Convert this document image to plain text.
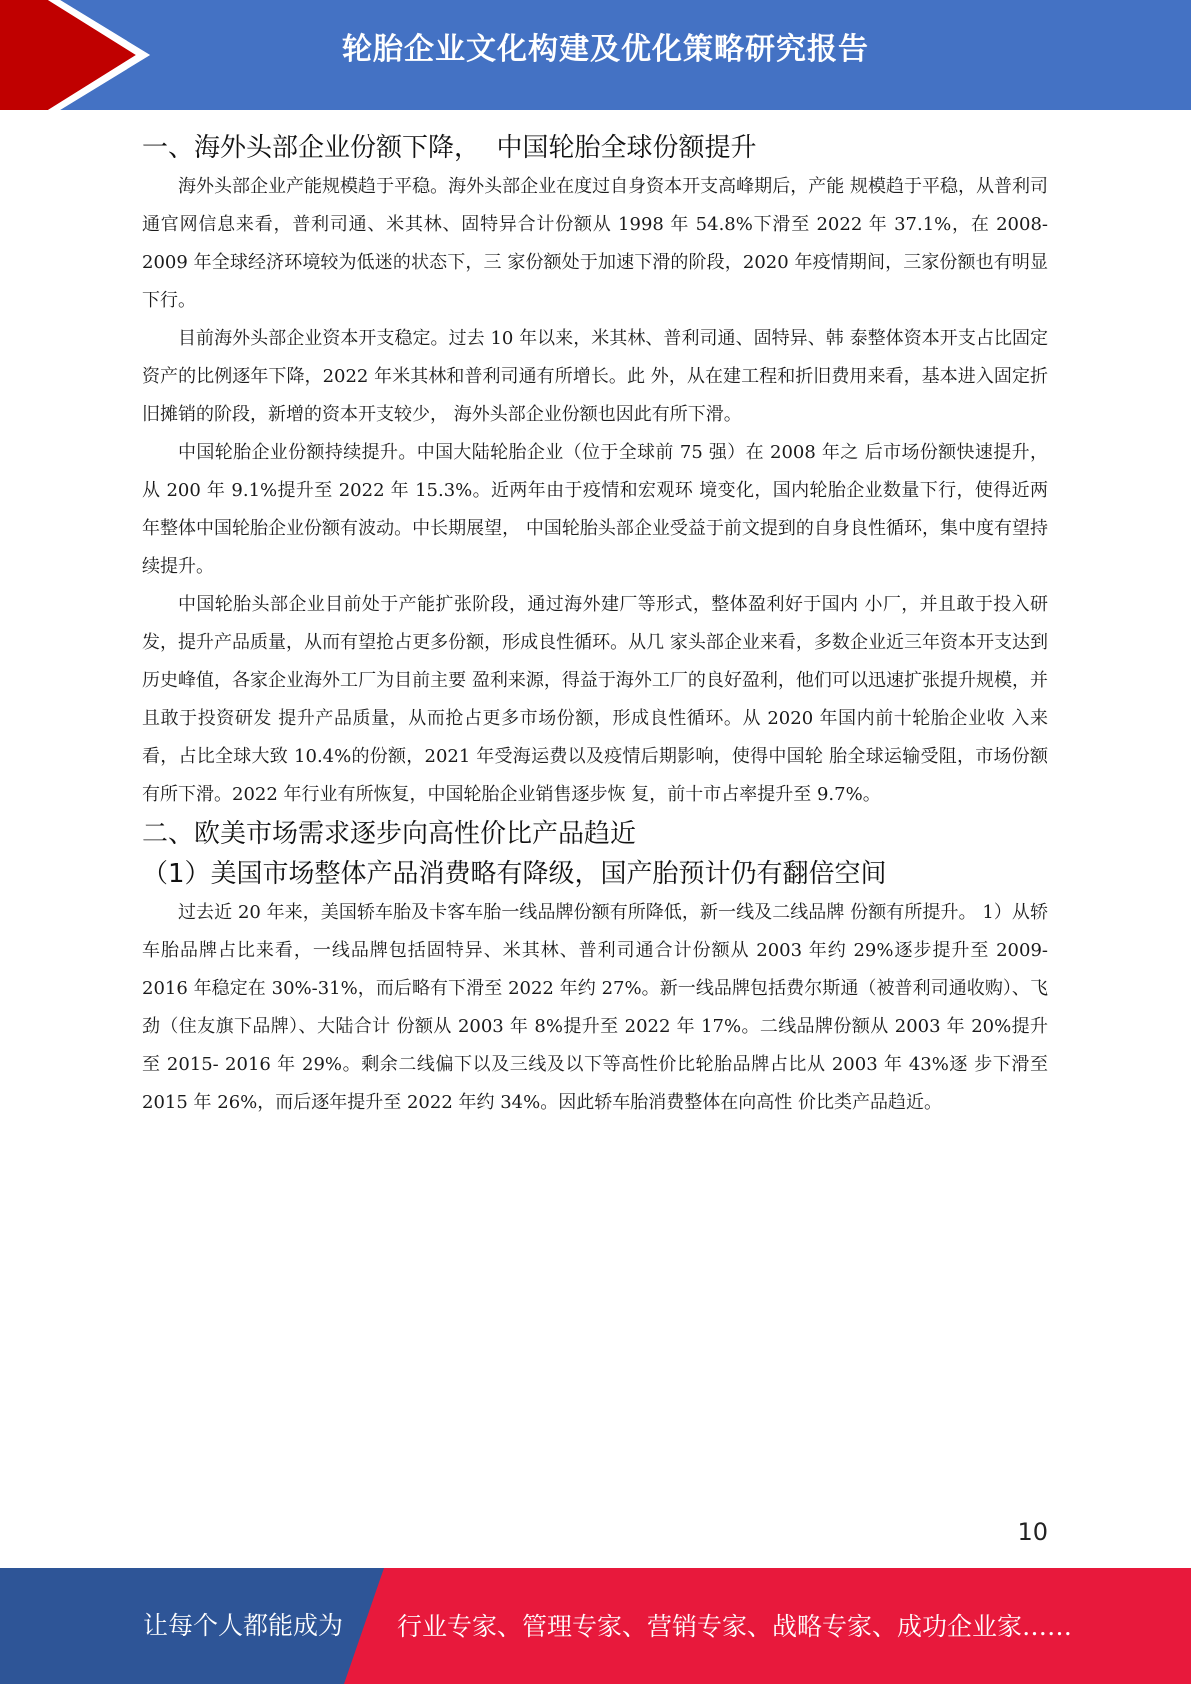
轮胎企业文化构建及优化策略研究报告
一、海外头部企业份额下降，  中国轮胎全球份额提升

海外头部企业产能规模趋于平稳。海外头部企业在度过自身资本开支高峰期后，产能 规模趋于平稳，从普利司通官网信息来看，普利司通、米其林、固特异合计份额从 1998 年 54.8%下滑至 2022 年 37.1%，在 2008-2009 年全球经济环境较为低迷的状态下，三 家份额处于加速下滑的阶段，2020 年疫情期间，三家份额也有明显下行。

目前海外头部企业资本开支稳定。过去 10 年以来，米其林、普利司通、固特异、韩 泰整体资本开支占比固定资产的比例逐年下降，2022 年米其林和普利司通有所增长。此 外，从在建工程和折旧费用来看，基本进入固定折旧摊销的阶段，新增的资本开支较少， 海外头部企业份额也因此有所下滑。

中国轮胎企业份额持续提升。中国大陆轮胎企业（位于全球前 75 强）在 2008 年之 后市场份额快速提升，从 200 年 9.1%提升至 2022 年 15.3%。近两年由于疫情和宏观环 境变化，国内轮胎企业数量下行，使得近两年整体中国轮胎企业份额有波动。中长期展望， 中国轮胎头部企业受益于前文提到的自身良性循环，集中度有望持续提升。

中国轮胎头部企业目前处于产能扩张阶段，通过海外建厂等形式，整体盈利好于国内 小厂，并且敢于投入研发，提升产品质量，从而有望抢占更多份额，形成良性循环。从几 家头部企业来看，多数企业近三年资本开支达到历史峰值，各家企业海外工厂为目前主要 盈利来源，得益于海外工厂的良好盈利，他们可以迅速扩张提升规模，并且敢于投资研发 提升产品质量，从而抢占更多市场份额，形成良性循环。从 2020 年国内前十轮胎企业收 入来看，占比全球大致 10.4%的份额，2021 年受海运费以及疫情后期影响，使得中国轮 胎全球运输受阻，市场份额有所下滑。2022 年行业有所恢复，中国轮胎企业销售逐步恢 复，前十市占率提升至 9.7%。

二、欧美市场需求逐步向高性价比产品趋近
（1）美国市场整体产品消费略有降级，国产胎预计仍有翻倍空间

过去近 20 年来，美国轿车胎及卡客车胎一线品牌份额有所降低，新一线及二线品牌 份额有所提升。 1）从轿车胎品牌占比来看，一线品牌包括固特异、米其林、普利司通合计份额从 2003 年约 29%逐步提升至 2009-2016 年稳定在 30%-31%，而后略有下滑至 2022 年约 27%。新一线品牌包括费尔斯通（被普利司通收购）、飞劲（住友旗下品牌）、大陆合计 份额从 2003 年 8%提升至 2022 年 17%。二线品牌份额从 2003 年 20%提升至 2015- 2016 年 29%。剩余二线偏下以及三线及以下等高性价比轮胎品牌占比从 2003 年 43%逐 步下滑至 2015 年 26%，而后逐年提升至 2022 年约 34%。因此轿车胎消费整体在向高性 价比类产品趋近。

10
让每个人都能成为 行业专家、管理专家、营销专家、战略专家、成功企业家……
